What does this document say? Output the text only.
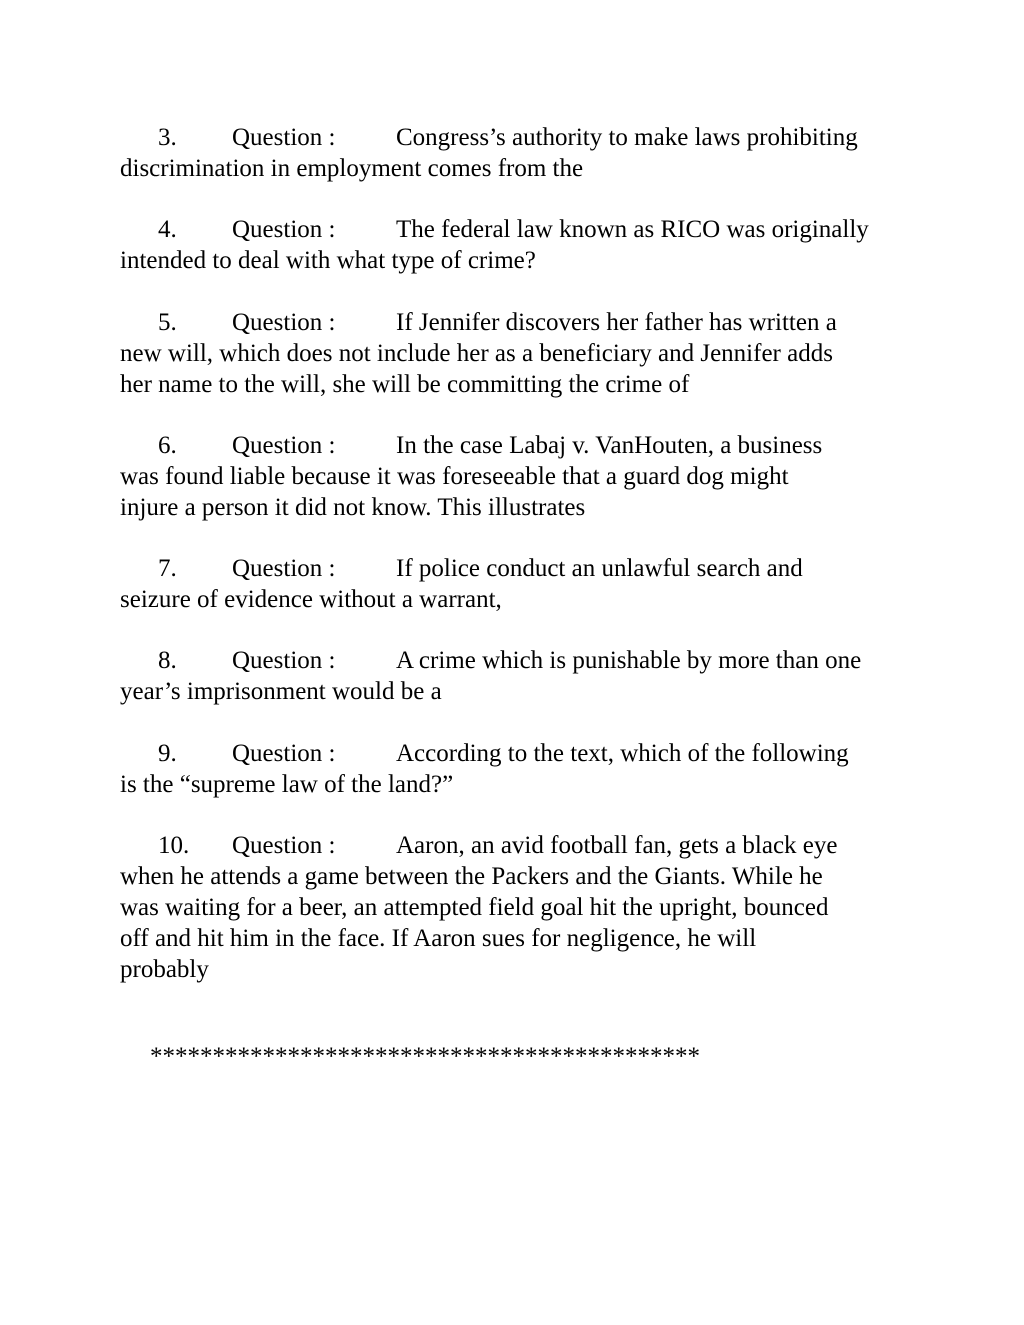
3. Question : Congress’s authority to make laws prohibiting
discrimination in employment comes from the
4. Question : The federal law known as RICO was originally
intended to deal with what type of crime?
5. Question : If Jennifer discovers her father has written a
new will, which does not include her as a beneficiary and Jennifer adds
her name to the will, she will be committing the crime of
6. Question : In the case Labaj v. VanHouten, a business
was found liable because it was foreseeable that a guard dog might
injure a person it did not know. This illustrates
7. Question : If police conduct an unlawful search and
seizure of evidence without a warrant,
8. Question : A crime which is punishable by more than one
year’s imprisonment would be a
9. Question : According to the text, which of the following
is the “supreme law of the land?”
10. Question : Aaron, an avid football fan, gets a black eye
when he attends a game between the Packers and the Giants. While he
was waiting for a beer, an attempted field goal hit the upright, bounced
off and hit him in the face. If Aaron sues for negligence, he will
probably
********************************************
